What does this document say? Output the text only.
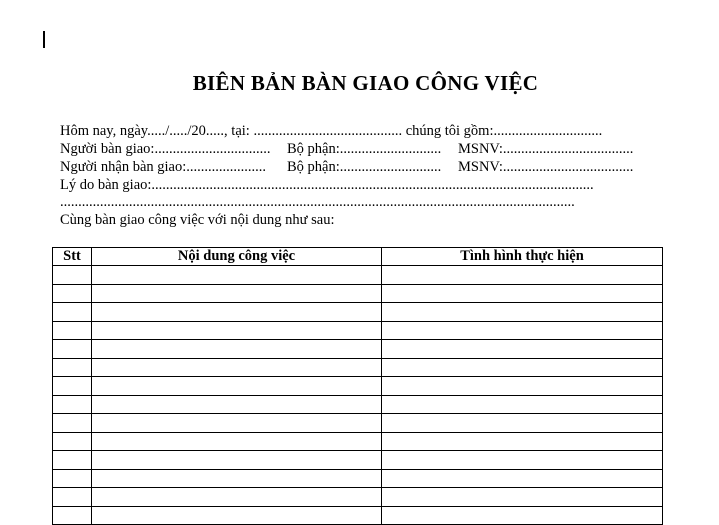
BIÊN BẢN BÀN GIAO CÔNG VIỆC
Hôm nay, ngày...../...../20....., tại: ......................................... chúng tôi gồm:..............................
Người bàn giao:................................ Bộ phận:............................ MSNV:....................................
Người nhận bàn giao:...................... Bộ phận:............................ MSNV:....................................
Lý do bàn giao:..........................................................................................................................
..............................................................................................................................................
Cùng bàn giao công việc với nội dung như sau:
Stt	Nội dung công việc	Tình hình thực hiện
